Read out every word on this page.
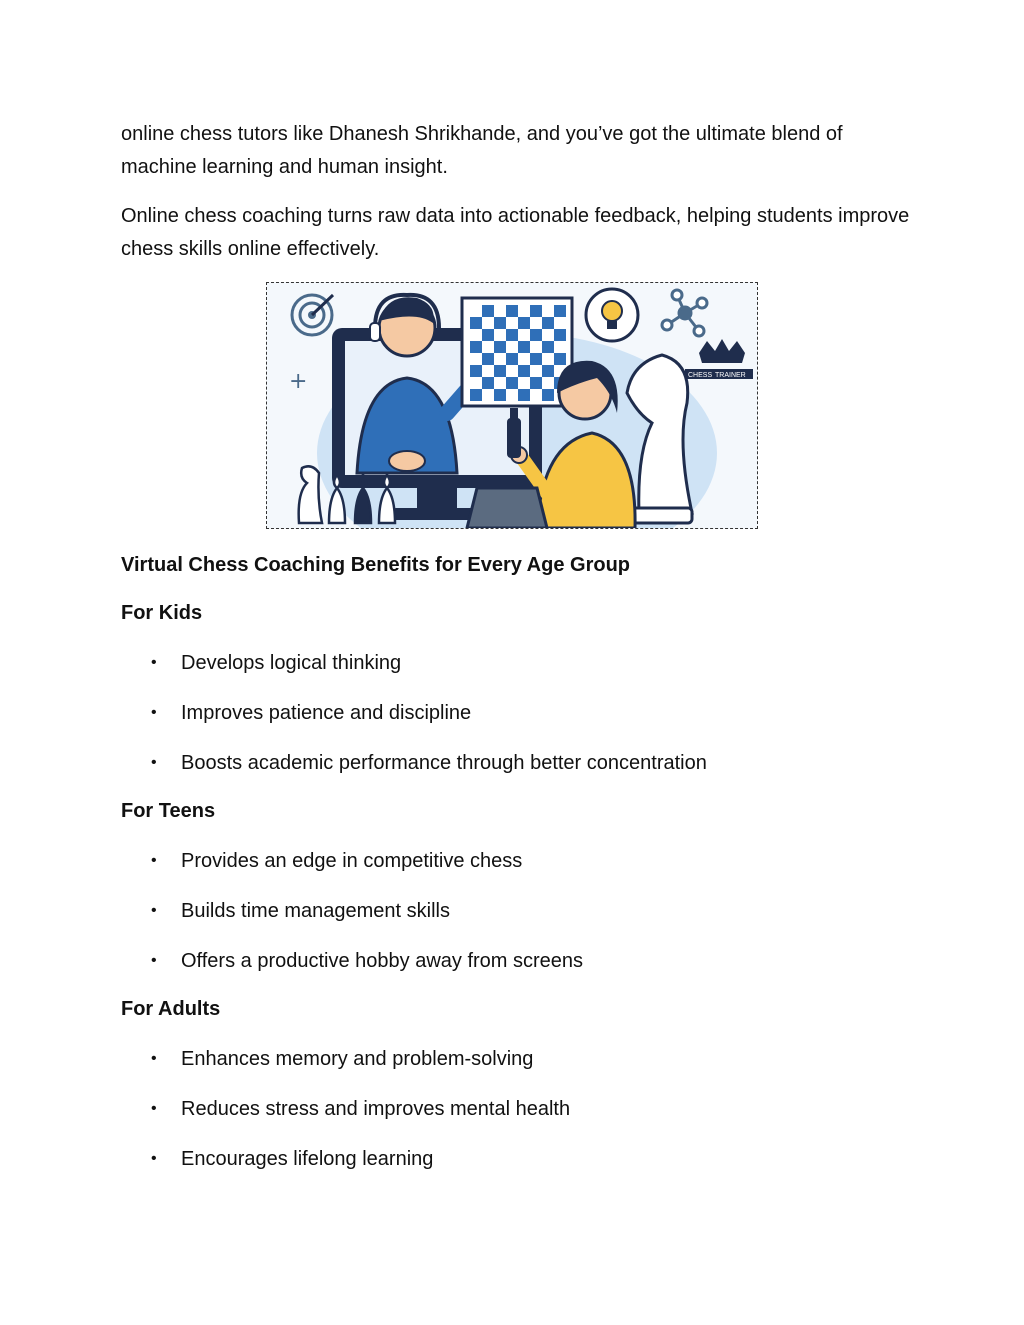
online chess tutors like Dhanesh Shrikhande, and you’ve got the ultimate blend of machine learning and human insight.

Online chess coaching turns raw data into actionable feedback, helping students improve chess skills online effectively.

+	CHESS TRAINER
Virtual Chess Coaching Benefits for Every Age Group
For Kids
• Develops logical thinking
• Improves patience and discipline
• Boosts academic performance through better concentration
For Teens
• Provides an edge in competitive chess
• Builds time management skills
• Offers a productive hobby away from screens
For Adults
• Enhances memory and problem-solving
• Reduces stress and improves mental health
• Encourages lifelong learning
